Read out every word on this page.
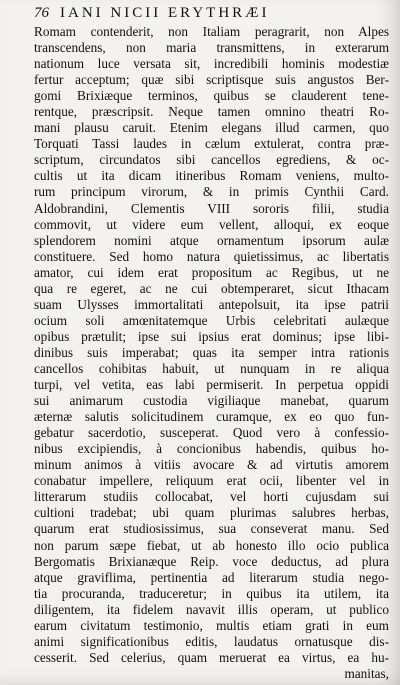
76 IANI NICII ERYTHRÆI
Romam contenderit, non Italiam peragrarit, non Alpes
transcendens, non maria transmittens, in exterarum
nationum luce versata sit, incredibili hominis modestiæ
fertur acceptum; quæ sibi scriptisque suis angustos Ber-
gomi Brixiæque terminos, quibus se clauderent tene-
rentque, præscripsit. Neque tamen omnino theatri Ro-
mani plausu caruit. Etenim elegans illud carmen, quo
Torquati Tassi laudes in cælum extulerat, contra præ-
scriptum, circundatos sibi cancellos egrediens, & oc-
cultis ut ita dicam itineribus Romam veniens, multo-
rum principum virorum, & in primis Cynthii Card.
Aldobrandini, Clementis VIII sororis filii, studia
commovit, ut videre eum vellent, alloqui, ex eoque
splendorem nomini atque ornamentum ipsorum aulæ
constituere. Sed homo natura quietissimus, ac libertatis
amator, cui idem erat propositum ac Regibus, ut ne
qua re egeret, ac ne cui obtemperaret, sicut Ithacam
suam Ulysses immortalitati antepolsuit, ita ipse patrii
ocium soli amœnitatemque Urbis celebritati aulæque
opibus prætulit; ipse sui ipsius erat dominus; ipse libi-
dinibus suis imperabat; quas ita semper intra rationis
cancellos cohibitas habuit, ut nunquam in re aliqua
turpi, vel vetita, eas labi permiserit. In perpetua oppidi
sui animarum custodia vigiliaque manebat, quarum
æternæ salutis solicitudinem curamque, ex eo quo fun-
gebatur sacerdotio, susceperat. Quod vero à confessio-
nibus excipiendis, à concionibus habendis, quibus ho-
minum animos à vitiis avocare & ad virtutis amorem
conabatur impellere, reliquum erat ocii, libenter vel in
litterarum studiis collocabat, vel horti cujusdam sui
cultioni tradebat; ubi quam plurimas salubres herbas,
quarum erat studiosissimus, sua conseverat manu. Sed
non parum sæpe fiebat, ut ab honesto illo ocio publica
Bergomatis Brixianæque Reip. voce deductus, ad plura
atque graviflima, pertinentia ad literarum studia nego-
tia procuranda, traduceretur; in quibus ita utilem, ita
diligentem, ita fidelem navavit illis operam, ut publico
earum civitatum testimonio, multis etiam grati in eum
animi significationibus editis, laudatus ornatusque dis-
cesserit. Sed celerius, quam meruerat ea virtus, ea hu-
manitas,
